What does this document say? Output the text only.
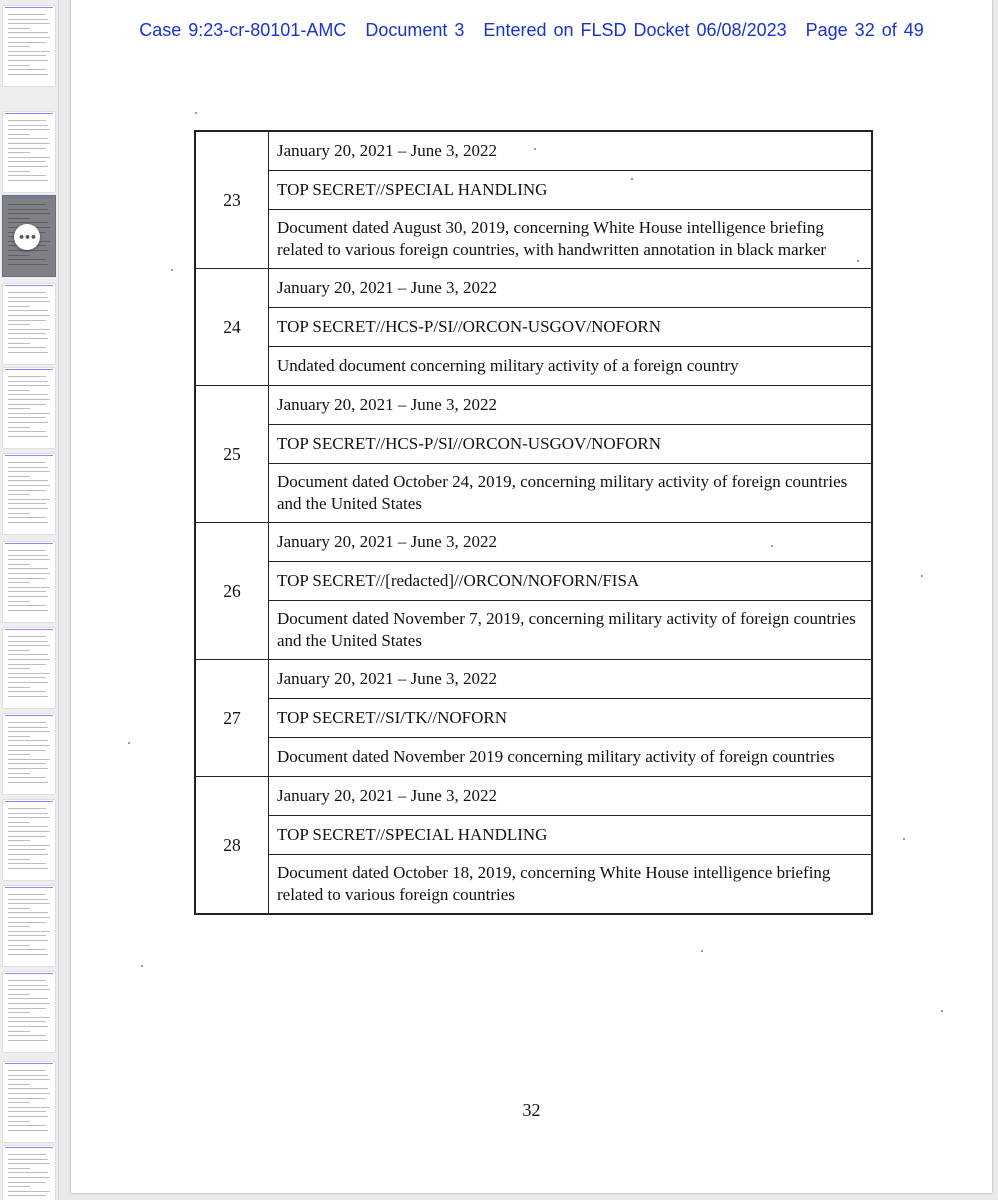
•••
Case 9:23-cr-80101-AMC Document 3 Entered on FLSD Docket 06/08/2023 Page 32 of 49
23	January 20, 2021 – June 3, 2022
	TOP SECRET//SPECIAL HANDLING
	Document dated August 30, 2019, concerning White House intelligence briefing related to various foreign countries, with handwritten annotation in black marker
24	January 20, 2021 – June 3, 2022
	TOP SECRET//HCS-P/SI//ORCON-USGOV/NOFORN
	Undated document concerning military activity of a foreign country
25	January 20, 2021 – June 3, 2022
	TOP SECRET//HCS-P/SI//ORCON-USGOV/NOFORN
	Document dated October 24, 2019, concerning military activity of foreign countries and the United States
26	January 20, 2021 – June 3, 2022
	TOP SECRET//[redacted]//ORCON/NOFORN/FISA
	Document dated November 7, 2019, concerning military activity of foreign countries and the United States
27	January 20, 2021 – June 3, 2022
	TOP SECRET//SI/TK//NOFORN
	Document dated November 2019 concerning military activity of foreign countries
28	January 20, 2021 – June 3, 2022
	TOP SECRET//SPECIAL HANDLING
	Document dated October 18, 2019, concerning White House intelligence briefing related to various foreign countries
32
